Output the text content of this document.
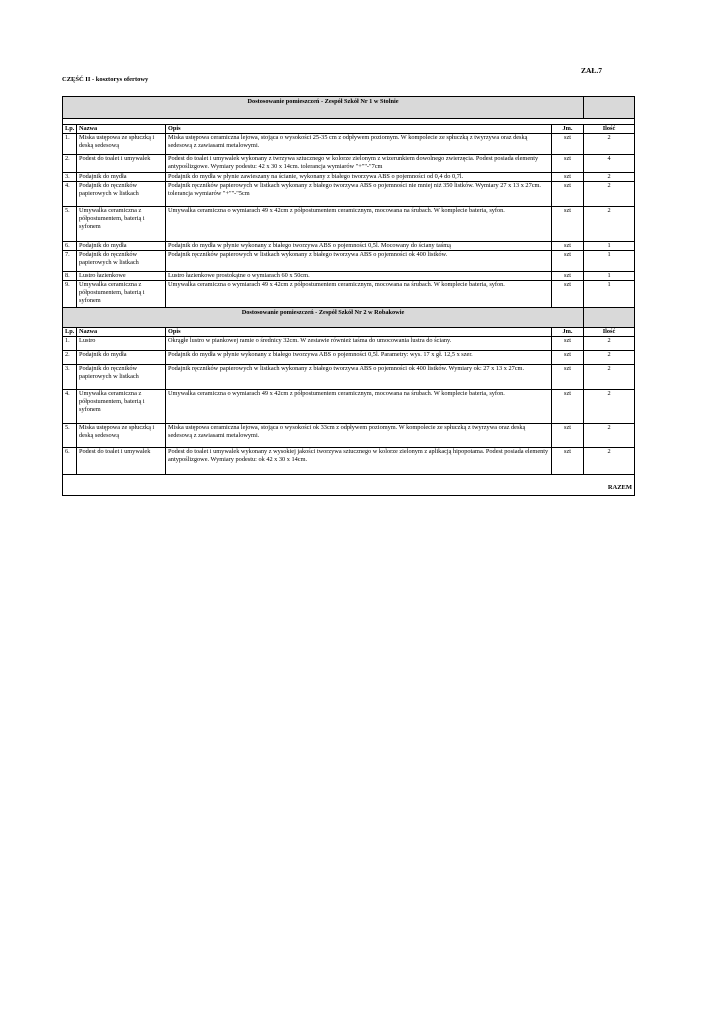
ZAŁ.7
CZĘŚĆ II - kosztorys ofertowy
Dostosowanie pomieszczeń - Zespół Szkół Nr 1 w Stolnie				

Lp.	Nazwa	Opis	Jm.	Ilość
1.	Miska ustępowa ze spłuczką i deską sedesową	Miska ustępowa ceramiczna lejowa, stojąca o wysokości 25-35 cm z odpływem poziomym. W kompolecie ze spłuczką z twyrzywa oraz deską sedesową z zawiasami metalowymi.	szt	2
2.	Podest do toalet i umywalek	Podest do toalet i umywalek wykonany z twrzywa sztucznego w kolorze zielonym z wizerunkiem dowolnego zwierzęcia. Podest posiada elementy antypoślizgowe. Wymiary podestu: 42 x 30 x 14cm. tolerancja wymiarów "+""-"7cm	szt	4
3.	Podajnik do mydła	Podajnik do mydła w płynie zawieszany na ścianie, wykonany z białego tworzywa ABS o pojemności od 0,4 do 0,7l.	szt	2
4.	Podajnik do ręczników papierowych w listkach	Podajnik ręczników papierowych w listkach wykonany z białego tworzywa ABS o pojemności nie mniej niż 350 listków. Wymiary 27 x 13 x 27cm. tolerancja wymiarów "+""-"5cm	szt	2
5.	Umywalka ceramiczna z półpostumentem, baterią i syfonem	Umywalka ceramiczna o wymiarach 49 x 42cm z półpostumentem ceramicznym, mocowana na śrubach. W komplecie bateria, syfon.	szt	2
6.	Podajnik do mydła	Podajnik do mydła w płynie wykonany z białego tworzywa ABS o pojemności 0,5l. Mocowany do ściany taśmą	szt	1
7.	Podajnik do ręczników papierowych w listkach	Podajnik ręczników papierowych w listkach wykonany z białego tworzywa ABS o pojemności ok 400 listków.	szt	1
8.	Lustro łazienkowe	Lustro łazienkowe prostokątne o wymiarach 60 x 50cm.	szt	1
9.	Umywalka ceramiczna z półpostumentem, baterią i syfonem	Umywalka ceramiczna o wymiarach 49 x 42cm z półpostumentem ceramicznym, mocowana na śrubach. W komplecie bateria, syfon.	szt	1
Dostosowanie pomieszczeń - Zespół Szkół Nr 2 w Robakowie				
Lp.	Nazwa	Opis	Jm.	Ilość
1.	Lustro	Okrągłe lustro w piankowej ramie o średnicy 32cm. W zestawie również taśma do umocowania lustra do ściany.	szt	2
2.	Podajnik do mydła	Podajnik do mydła w płynie wykonany z białego tworzywa ABS o pojemności 0,5l. Parametry: wys. 17 x gł. 12,5 x szer.	szt	2
3.	Podajnik do ręczników papierowych w listkach	Podajnik ręczników papierowych w listkach wykonany z białego tworzywa ABS o pojemności ok 400 listków. Wymiary ok: 27 x 13 x 27cm.	szt	2
4.	Umywalka ceramiczna z półpostumentem, baterią i syfonem	Umywalka ceramiczna o wymiarach 49 x 42cm z półpostumentem ceramicznym, mocowana na śrubach. W komplecie bateria, syfon.	szt	2
5.	Miska ustępowa ze spłuczką i deską sedesową	Miska ustępowa ceramiczna lejowa, stojąca o wysokości ok 33cm z odpływem poziomym. W kompolecie ze spłuczką z twyrzywa oraz deską sedesową z zawiasami metalowymi.	szt	2
6.	Podest do toalet i umywalek	Podest do toalet i umywalek wykonany z wysokiej jakości tworzywa sztucznego w kolorze zielonym z aplikacją hipopotama. Podest posiada elementy antypoślizgowe. Wymiary podestu: ok 42 x 30 x 14cm.	szt	2
RAZEM				
